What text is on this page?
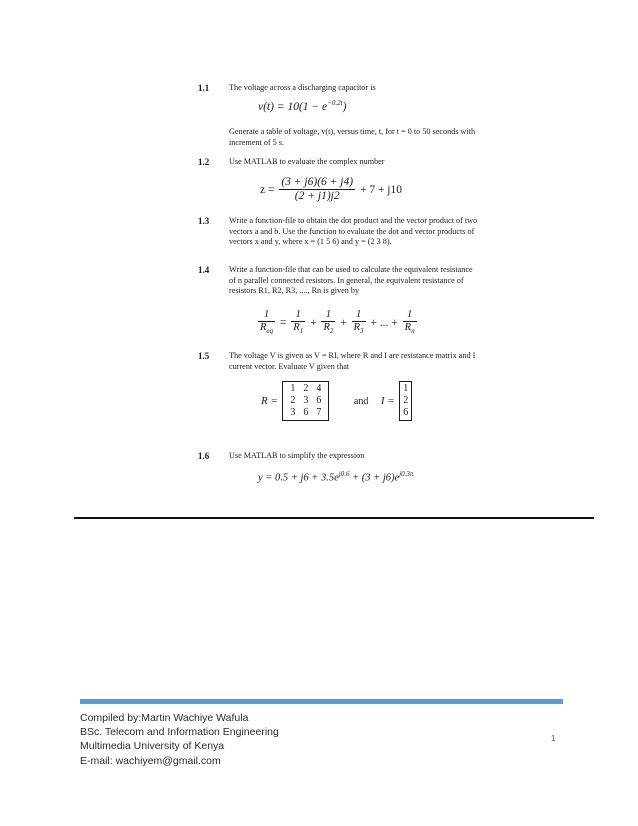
1.1 The voltage across a discharging capacitor is
$v(t) = 10(1 - e^{-0.2t})$
Generate a table of voltage, v(t), versus time, t, for t = 0 to 50 seconds with increment of 5 s.
1.2 Use MATLAB to evaluate the complex number
$z = \frac{(3 + j6)(6 + j4)}{(2 + j1)j2} + 7 + j10$
1.3 Write a function-file to obtain the dot product and the vector product of two vectors a and b. Use the function to evaluate the dot and vector products of vectors x and y, where x = (1 5 6) and y = (2 3 8).
1.4 Write a function-file that can be used to calculate the equivalent resistance of n parallel connected resistors. In general, the equivalent resistance of resistors R1, R2, R3, ...., Rn is given by
$\frac{1}{R_{eq}} = \frac{1}{R_1} + \frac{1}{R_2} + \frac{1}{R_3}$ + ... + $\frac{1}{R_n}$
1.5 The voltage V is given as V = RI, where R and I are resistance matrix and I current vector. Evaluate V given that
R =
1 2 4
2 3 6
3 6 7
and I =
1
2
6
1.6 Use MATLAB to simplify the expression
$y = 0.5 + j6 + 3.5e^{j0.6} + (3 + j6)e^{j0.3\pi}$
Compiled by:Martin Wachiye Wafula
BSc. Telecom and Information Engineering
Multimedia University of Kenya
E-mail: wachiyem@gmail.com
1
